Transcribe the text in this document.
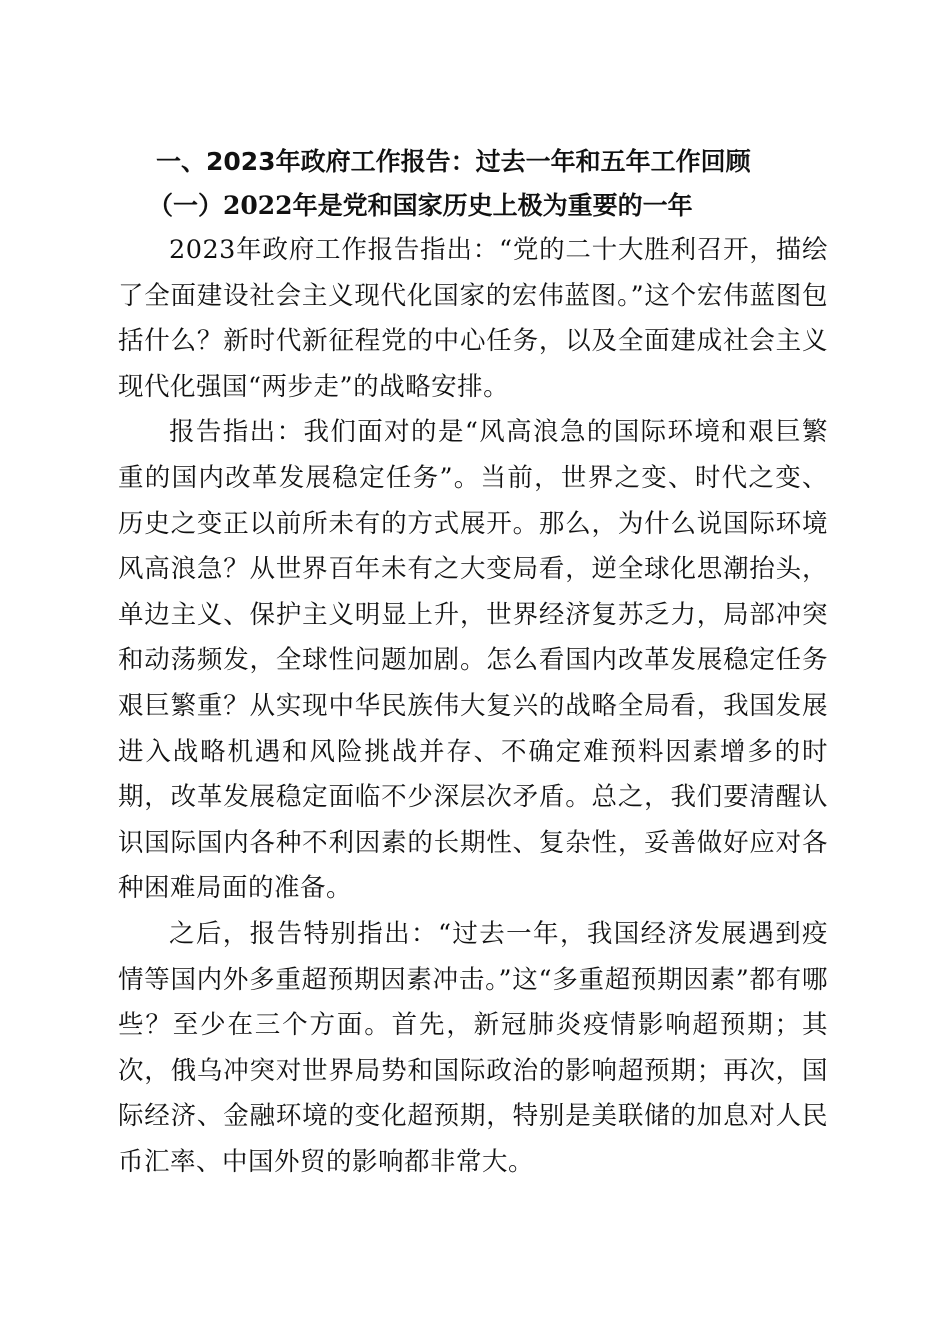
一、2023年政府工作报告：过去一年和五年工作回顾
（一）2022年是党和国家历史上极为重要的一年

2023年政府工作报告指出：“党的二十大胜利召开，描绘了全面建设社会主义现代化国家的宏伟蓝图。”这个宏伟蓝图包括什么？新时代新征程党的中心任务，以及全面建成社会主义现代化强国“两步走”的战略安排。

报告指出：我们面对的是“风高浪急的国际环境和艰巨繁重的国内改革发展稳定任务”。当前，世界之变、时代之变、历史之变正以前所未有的方式展开。那么，为什么说国际环境风高浪急？从世界百年未有之大变局看，逆全球化思潮抬头，单边主义、保护主义明显上升，世界经济复苏乏力，局部冲突和动荡频发，全球性问题加剧。怎么看国内改革发展稳定任务艰巨繁重？从实现中华民族伟大复兴的战略全局看，我国发展进入战略机遇和风险挑战并存、不确定难预料因素增多的时期，改革发展稳定面临不少深层次矛盾。总之，我们要清醒认识国际国内各种不利因素的长期性、复杂性，妥善做好应对各种困难局面的准备。

之后，报告特别指出：“过去一年，我国经济发展遇到疫情等国内外多重超预期因素冲击。”这“多重超预期因素”都有哪些？至少在三个方面。首先，新冠肺炎疫情影响超预期；其次，俄乌冲突对世界局势和国际政治的影响超预期；再次，国际经济、金融环境的变化超预期，特别是美联储的加息对人民币汇率、中国外贸的影响都非常大。
